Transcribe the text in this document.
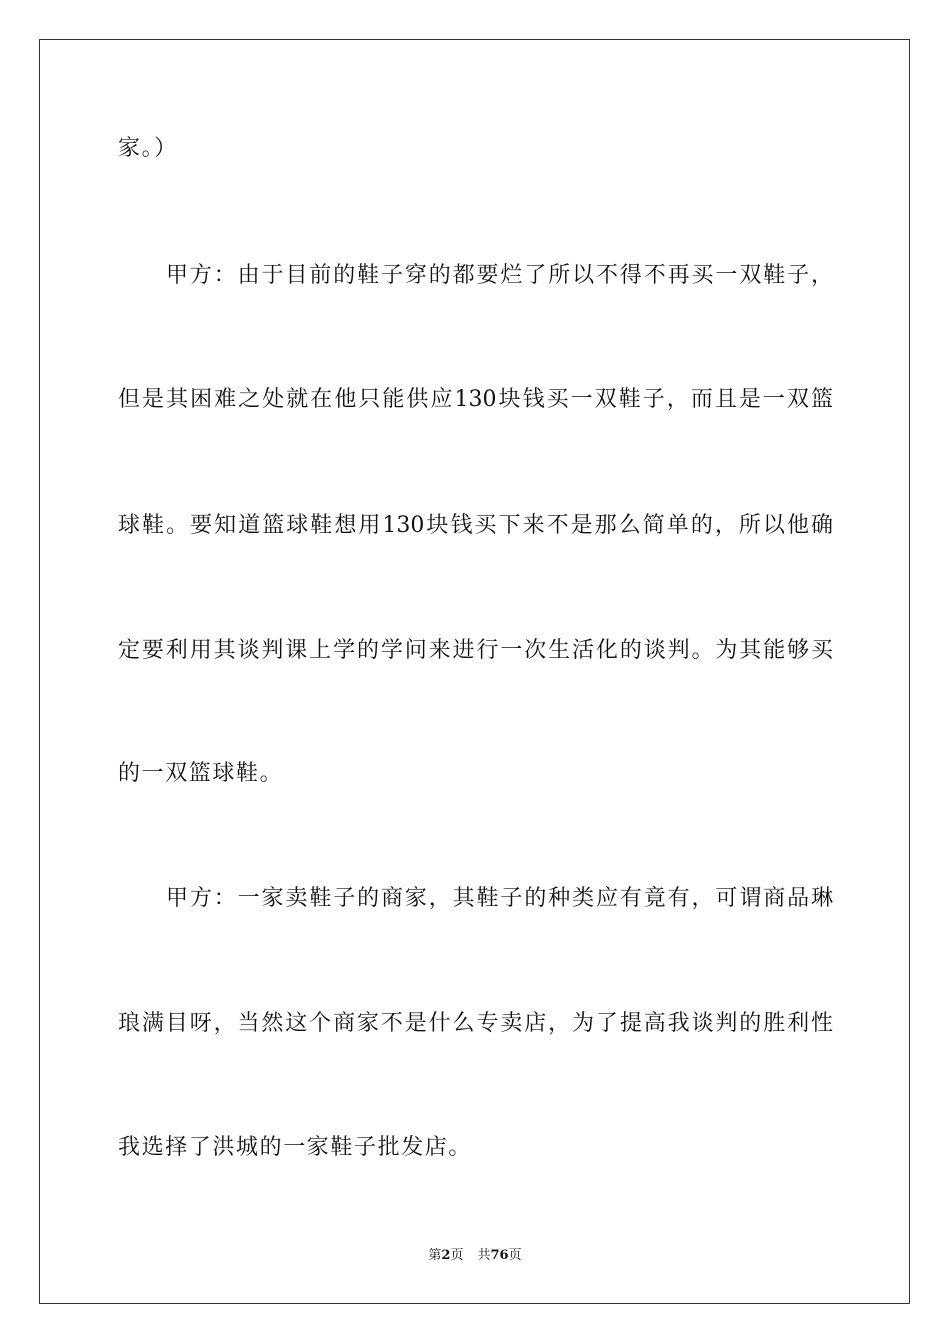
家。）
甲方：由于目前的鞋子穿的都要烂了所以不得不再买一双鞋子，
但是其困难之处就在他只能供应130块钱买一双鞋子，而且是一双篮
球鞋。要知道篮球鞋想用130块钱买下来不是那么简单的，所以他确
定要利用其谈判课上学的学问来进行一次生活化的谈判。为其能够买
的一双篮球鞋。
甲方：一家卖鞋子的商家，其鞋子的种类应有竟有，可谓商品琳
琅满目呀，当然这个商家不是什么专卖店，为了提高我谈判的胜利性
我选择了洪城的一家鞋子批发店。
第2页 共76页
